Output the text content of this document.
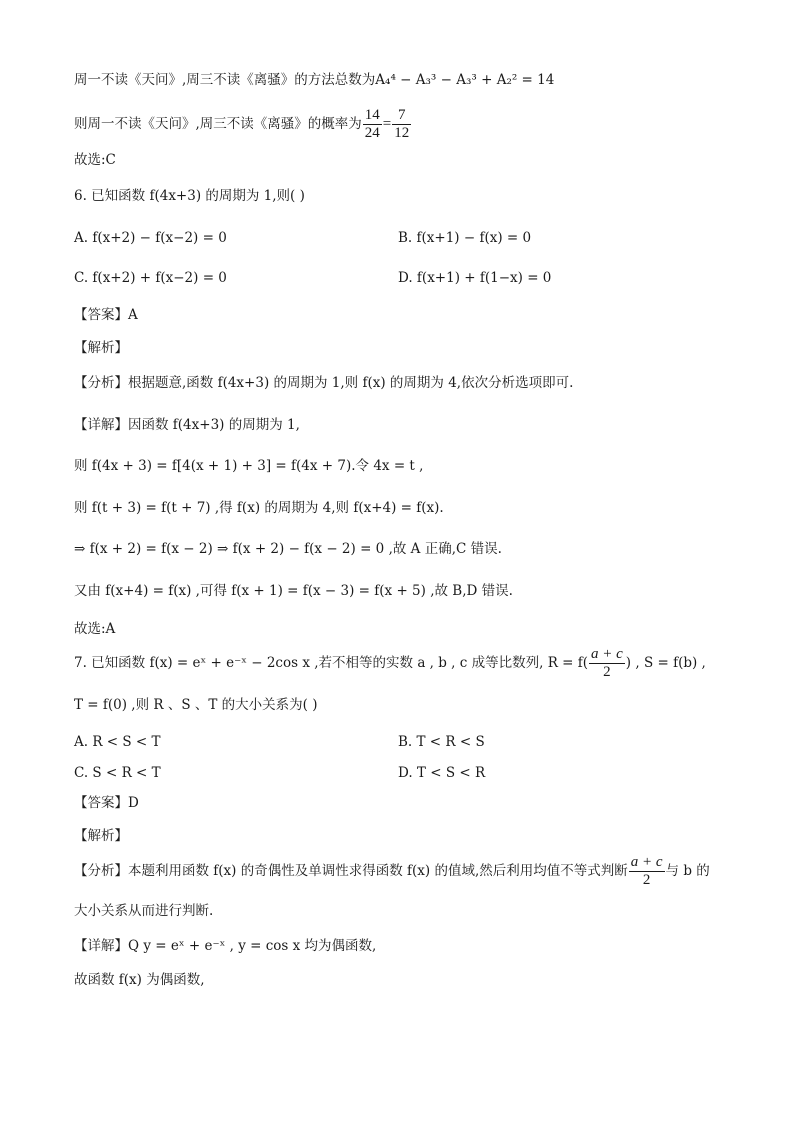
周一不读《天问》,周三不读《离骚》的方法总数为A₄⁴ − A₃³ − A₃³ + A₂² = 14
则周一不读《天问》,周三不读《离骚》的概率为 $\frac{14}{24} = \frac{7}{12}$
故选:C
6. 已知函数 f(4x+3) 的周期为 1,则( )
A. f(x+2) − f(x−2) = 0	B. f(x+1) − f(x) = 0
C. f(x+2) + f(x−2) = 0	D. f(x+1) + f(1−x) = 0
【答案】A
【解析】
【分析】根据题意,函数 f(4x+3) 的周期为 1,则 f(x) 的周期为 4,依次分析选项即可.
【详解】因函数 f(4x+3) 的周期为 1,
则 f(4x + 3) = f[4(x + 1) + 3] = f(4x + 7).令 4x = t ,
则 f(t + 3) = f(t + 7) ,得 f(x) 的周期为 4,则 f(x+4) = f(x).
⇒ f(x + 2) = f(x − 2) ⇒ f(x + 2) − f(x − 2) = 0 ,故 A 正确,C 错误.
又由 f(x+4) = f(x) ,可得 f(x + 1) = f(x − 3) = f(x + 5) ,故 B,D 错误.
故选:A
7. 已知函数 f(x) = eˣ + e⁻ˣ − 2cos x ,若不相等的实数 a , b , c 成等比数列, $R = f( \frac{a + c}{2}$ ) , S = f(b) ,
T = f(0) ,则 R 、S 、T 的大小关系为( )
A. R < S < T	B. T < R < S
C. S < R < T	D. T < S < R
【答案】D
【解析】
【分析】本题利用函数 f(x) 的奇偶性及单调性求得函数 f(x) 的值域,然后利用均值不等式判断 $\frac{a + c}{2}$ 与 b 的
大小关系从而进行判断.
【详解】Q y = eˣ + e⁻ˣ , y = cos x 均为偶函数,
故函数 f(x) 为偶函数,
